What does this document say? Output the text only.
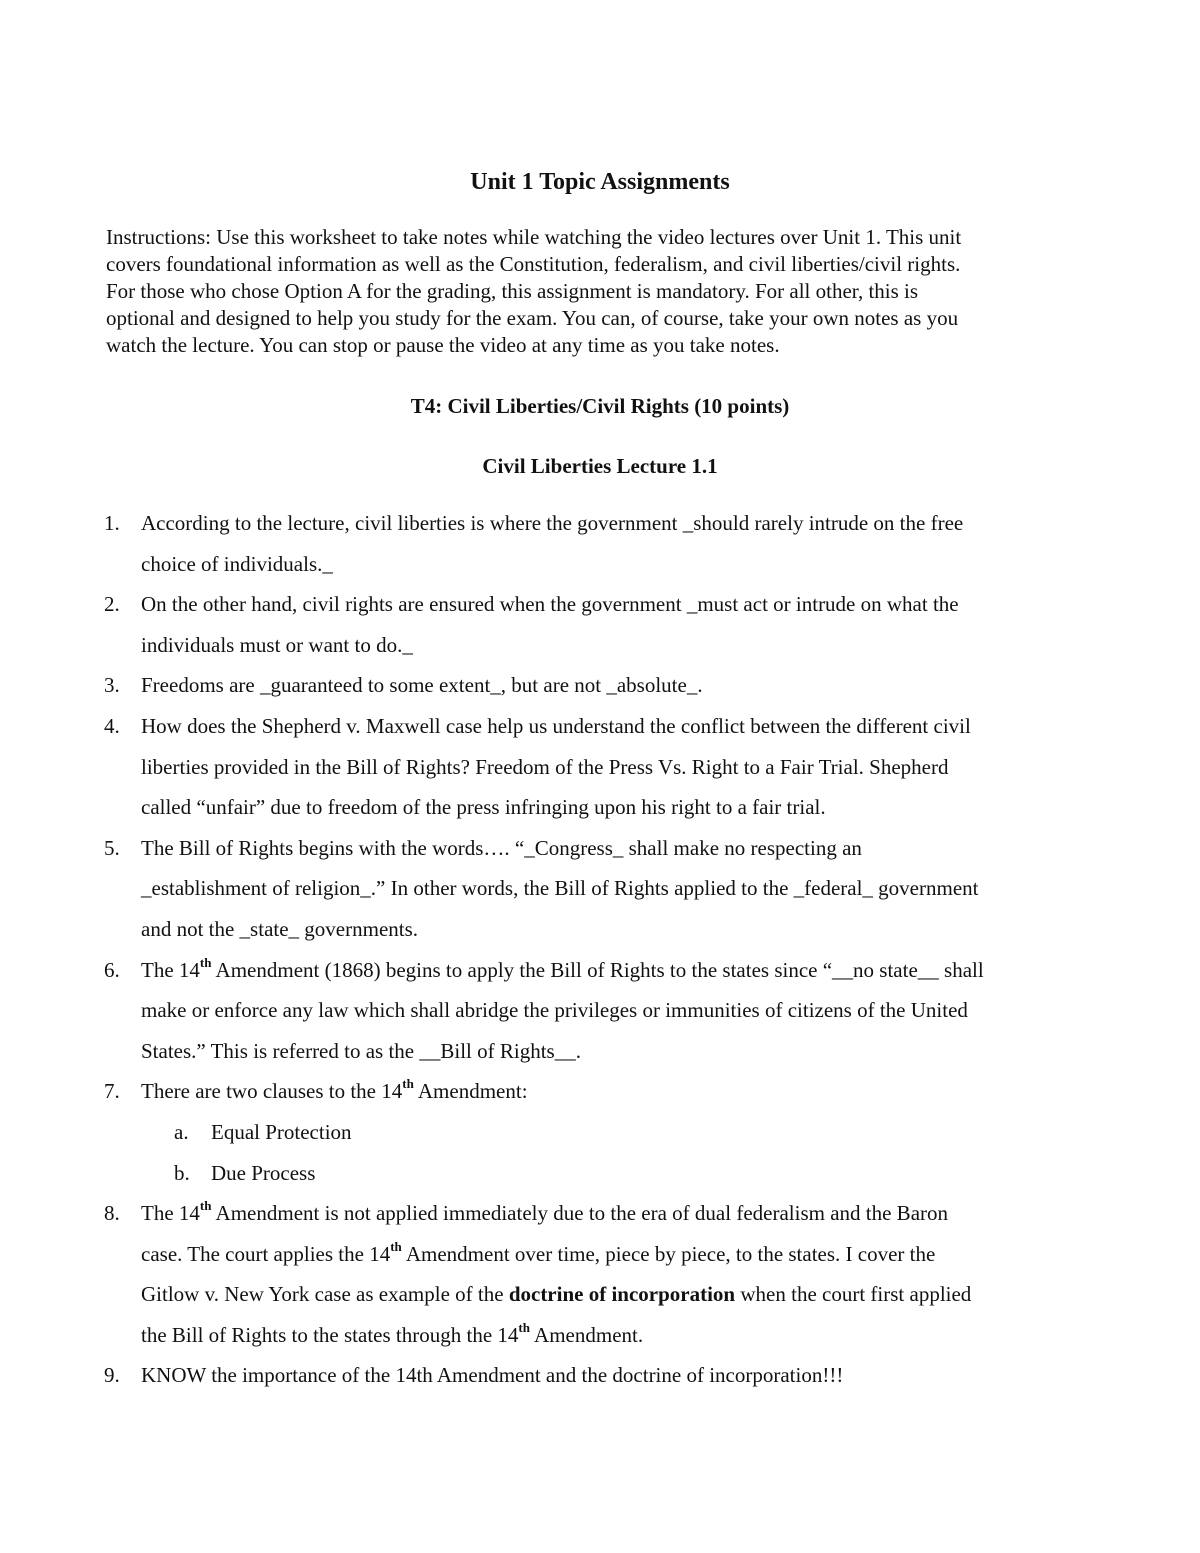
Unit 1 Topic Assignments

Instructions: Use this worksheet to take notes while watching the video lectures over Unit 1. This unit

covers foundational information as well as the Constitution, federalism, and civil liberties/civil rights.

For those who chose Option A for the grading, this assignment is mandatory. For all other, this is

optional and designed to help you study for the exam. You can, of course, take your own notes as you

watch the lecture. You can stop or pause the video at any time as you take notes.

T4: Civil Liberties/Civil Rights (10 points)
Civil Liberties Lecture 1.1
1. According to the lecture, civil liberties is where the government _should rarely intrude on the free

choice of individuals._

2. On the other hand, civil rights are ensured when the government _must act or intrude on what the

individuals must or want to do._

3. Freedoms are _guaranteed to some extent_, but are not _absolute_.

4. How does the Shepherd v. Maxwell case help us understand the conflict between the different civil

liberties provided in the Bill of Rights? Freedom of the Press Vs. Right to a Fair Trial. Shepherd

called “unfair” due to freedom of the press infringing upon his right to a fair trial.

5. The Bill of Rights begins with the words…. “_Congress_ shall make no respecting an

_establishment of religion_.” In other words, the Bill of Rights applied to the _federal_ government

and not the _state_ governments.

6. The 14th Amendment (1868) begins to apply the Bill of Rights to the states since “__no state__ shall

make or enforce any law which shall abridge the privileges or immunities of citizens of the United

States.” This is referred to as the __Bill of Rights__.

7. There are two clauses to the 14th Amendment:

a. Equal Protection
b. Due Process
8. The 14th Amendment is not applied immediately due to the era of dual federalism and the Baron

case. The court applies the 14th Amendment over time, piece by piece, to the states. I cover the

Gitlow v. New York case as example of the doctrine of incorporation when the court first applied

the Bill of Rights to the states through the 14th Amendment.

9. KNOW the importance of the 14th Amendment and the doctrine of incorporation!!!
